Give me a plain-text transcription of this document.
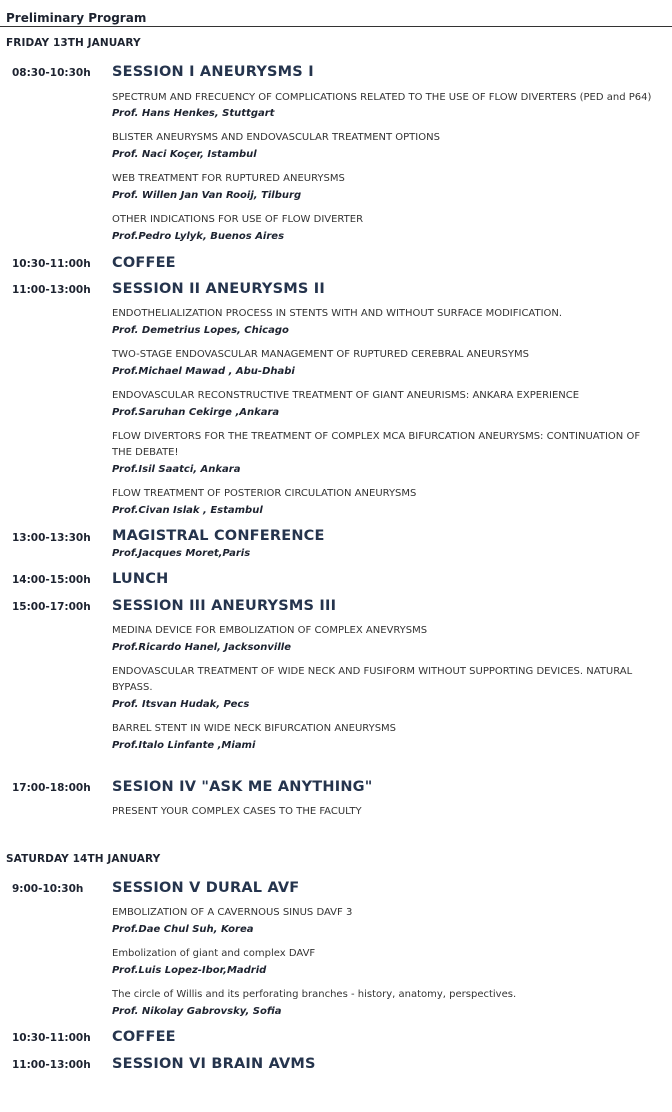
Preliminary Program
FRIDAY 13TH JANUARY
08:30-10:30h SESSION I ANEURYSMS I
SPECTRUM AND FRECUENCY OF COMPLICATIONS RELATED TO THE USE OF FLOW DIVERTERS (PED and P64)
Prof. Hans Henkes, Stuttgart
BLISTER ANEURYSMS AND ENDOVASCULAR TREATMENT OPTIONS
Prof. Naci Koçer, Istambul
WEB TREATMENT FOR RUPTURED ANEURYSMS
Prof. Willen Jan Van Rooij, Tilburg
OTHER INDICATIONS FOR USE OF FLOW DIVERTER
Prof.Pedro Lylyk, Buenos Aires
10:30-11:00h COFFEE
11:00-13:00h SESSION II ANEURYSMS II
ENDOTHELIALIZATION PROCESS IN STENTS WITH AND WITHOUT SURFACE MODIFICATION.
Prof. Demetrius Lopes, Chicago
TWO-STAGE ENDOVASCULAR MANAGEMENT OF RUPTURED CEREBRAL ANEURSYMS
Prof.Michael Mawad , Abu-Dhabi
ENDOVASCULAR RECONSTRUCTIVE TREATMENT OF GIANT ANEURISMS: ANKARA EXPERIENCE
Prof.Saruhan Cekirge ,Ankara
FLOW DIVERTORS FOR THE TREATMENT OF COMPLEX MCA BIFURCATION ANEURYSMS: CONTINUATION OF THE DEBATE!
Prof.Isil Saatci, Ankara
FLOW TREATMENT OF POSTERIOR CIRCULATION ANEURYSMS
Prof.Civan Islak , Estambul
13:00-13:30h MAGISTRAL CONFERENCE
Prof.Jacques Moret,Paris
14:00-15:00h LUNCH
15:00-17:00h SESSION III ANEURYSMS III
MEDINA DEVICE FOR EMBOLIZATION OF COMPLEX ANEVRYSMS
Prof.Ricardo Hanel, Jacksonville
ENDOVASCULAR TREATMENT OF WIDE NECK AND FUSIFORM WITHOUT SUPPORTING DEVICES. NATURAL BYPASS.
Prof. Itsvan Hudak, Pecs
BARREL STENT IN WIDE NECK BIFURCATION ANEURYSMS
Prof.Italo Linfante ,Miami
17:00-18:00h SESION IV "ASK ME ANYTHING"
PRESENT YOUR COMPLEX CASES TO THE FACULTY
SATURDAY 14TH JANUARY
9:00-10:30h SESSION V DURAL AVF
EMBOLIZATION OF A CAVERNOUS SINUS DAVF 3
Prof.Dae Chul Suh, Korea
Embolization of giant and complex DAVF
Prof.Luis Lopez-Ibor,Madrid
The circle of Willis and its perforating branches - history, anatomy, perspectives.
Prof. Nikolay Gabrovsky, Sofia
10:30-11:00h COFFEE
11:00-13:00h SESSION VI BRAIN AVMS
